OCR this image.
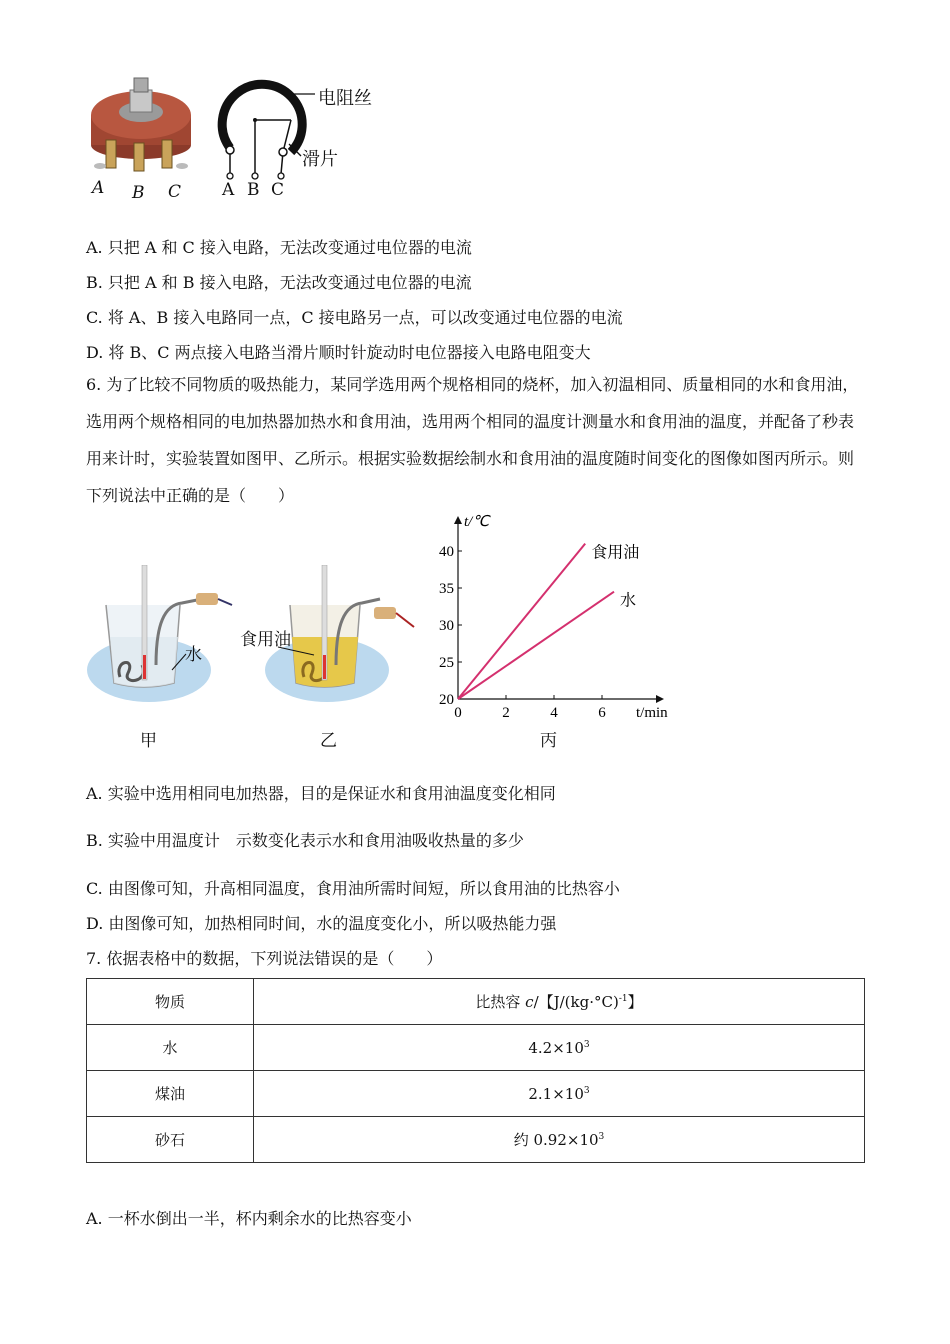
A B C
电阻丝
滑片
A B C
A. 只把 A 和 C 接入电路，无法改变通过电位器的电流
B. 只把 A 和 B 接入电路，无法改变通过电位器的电流
C. 将 A、B 接入电路同一点，C 接电路另一点，可以改变通过电位器的电流
D. 将 B、C 两点接入电路当滑片顺时针旋动时电位器接入电路电阻变大
6. 为了比较不同物质的吸热能力，某同学选用两个规格相同的烧杯，加入初温相同、质量相同的水和食用油，选用两个规格相同的电加热器加热水和食用油，选用两个相同的温度计测量水和食用油的温度，并配备了秒表用来计时，实验装置如图甲、乙所示。根据实验数据绘制水和食用油的温度随时间变化的图像如图丙所示。则下列说法中正确的是（　　）
水
甲
食用油
乙
t/℃
t/min
0	2	4	6
20
25
30
35
40	食用油
水
丙
A. 实验中选用相同电加热器，目的是保证水和食用油温度变化相同
B. 实验中用温度计　示数变化表示水和食用油吸收热量的多少
C. 由图像可知，升高相同温度，食用油所需时间短，所以食用油的比热容小
D. 由图像可知，加热相同时间，水的温度变化小，所以吸热能力强
7. 依据表格中的数据，下列说法错误的是（　　）
物质	比热容 c/【$J/(kg\cdot^\circ C)^{-1}$】
水	$4.2\times 10^3$
煤油	$2.1\times 10^3$
砂石	约 $0.92\times 10^3$
A. 一杯水倒出一半，杯内剩余水的比热容变小
